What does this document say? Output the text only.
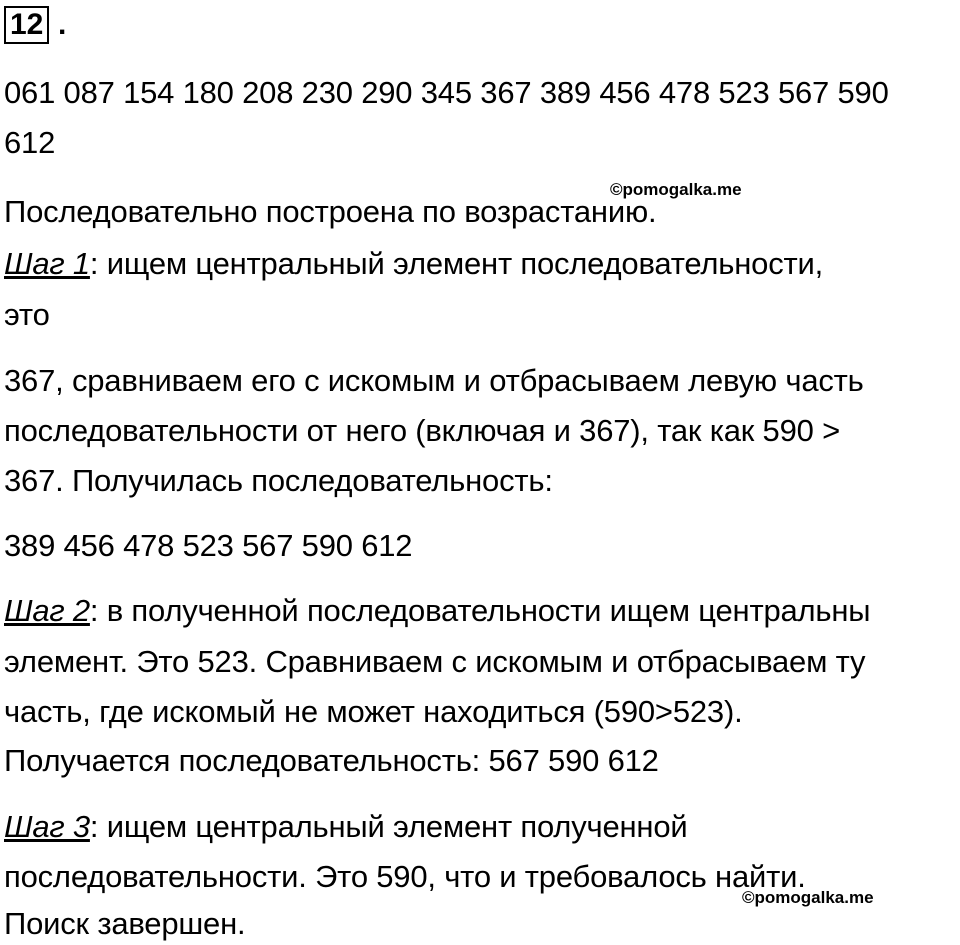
12 .
061 087 154 180 208 230 290 345 367 389 456 478 523 567 590
612
©pomogalka.me
Последовательно построена по возрастанию.
Шаг 1: ищем центральный элемент последовательности,
это
367, сравниваем его с искомым и отбрасываем левую часть
последовательности от него (включая и 367), так как 590 >
367. Получилась последовательность:
389 456 478 523 567 590 612
Шаг 2: в полученной последовательности ищем центральны
элемент. Это 523. Сравниваем с искомым и отбрасываем ту
часть, где искомый не может находиться (590>523).
Получается последовательность: 567 590 612
Шаг 3: ищем центральный элемент полученной
последовательности. Это 590, что и требовалось найти.
©pomogalka.me
Поиск завершен.
